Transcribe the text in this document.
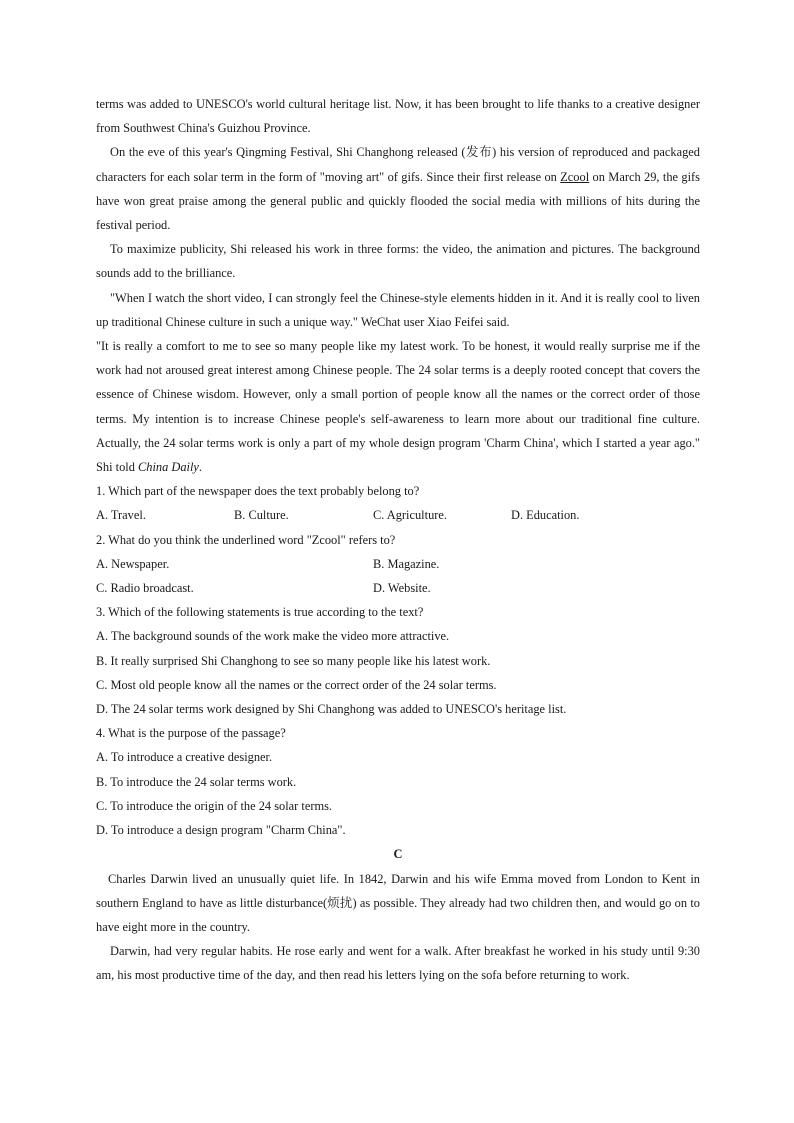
terms was added to UNESCO's world cultural heritage list. Now, it has been brought to life thanks to a creative designer from Southwest China's Guizhou Province.

On the eve of this year's Qingming Festival, Shi Changhong released (发布) his version of reproduced and packaged characters for each solar term in the form of "moving art" of gifs. Since their first release on Zcool on March 29, the gifs have won great praise among the general public and quickly flooded the social media with millions of hits during the festival period.

To maximize publicity, Shi released his work in three forms: the video, the animation and pictures. The background sounds add to the brilliance.

"When I watch the short video, I can strongly feel the Chinese-style elements hidden in it. And it is really cool to liven up traditional Chinese culture in such a unique way." WeChat user Xiao Feifei said.

"It is really a comfort to me to see so many people like my latest work. To be honest, it would really surprise me if the work had not aroused great interest among Chinese people. The 24 solar terms is a deeply rooted concept that covers the essence of Chinese wisdom. However, only a small portion of people know all the names or the correct order of those terms. My intention is to increase Chinese people's self-awareness to learn more about our traditional fine culture. Actually, the 24 solar terms work is only a part of my whole design program 'Charm China', which I started a year ago." Shi told China Daily.

1. Which part of the newspaper does the text probably belong to?

A. Travel.	B. Culture.	C. Agriculture.	D. Education.

2. What do you think the underlined word "Zcool" refers to?

A. Newspaper.	B. Magazine.
C. Radio broadcast.	D. Website.

3. Which of the following statements is true according to the text?

A. The background sounds of the work make the video more attractive.

B. It really surprised Shi Changhong to see so many people like his latest work.

C. Most old people know all the names or the correct order of the 24 solar terms.

D. The 24 solar terms work designed by Shi Changhong was added to UNESCO's heritage list.

4. What is the purpose of the passage?

A. To introduce a creative designer.

B. To introduce the 24 solar terms work.

C. To introduce the origin of the 24 solar terms.

D. To introduce a design program "Charm China".

C

Charles Darwin lived an unusually quiet life. In 1842, Darwin and his wife Emma moved from London to Kent in southern England to have as little disturbance(烦扰) as possible. They already had two children then, and would go on to have eight more in the country.

Darwin, had very regular habits. He rose early and went for a walk. After breakfast he worked in his study until 9:30 am, his most productive time of the day, and then read his letters lying on the sofa before returning to work.
